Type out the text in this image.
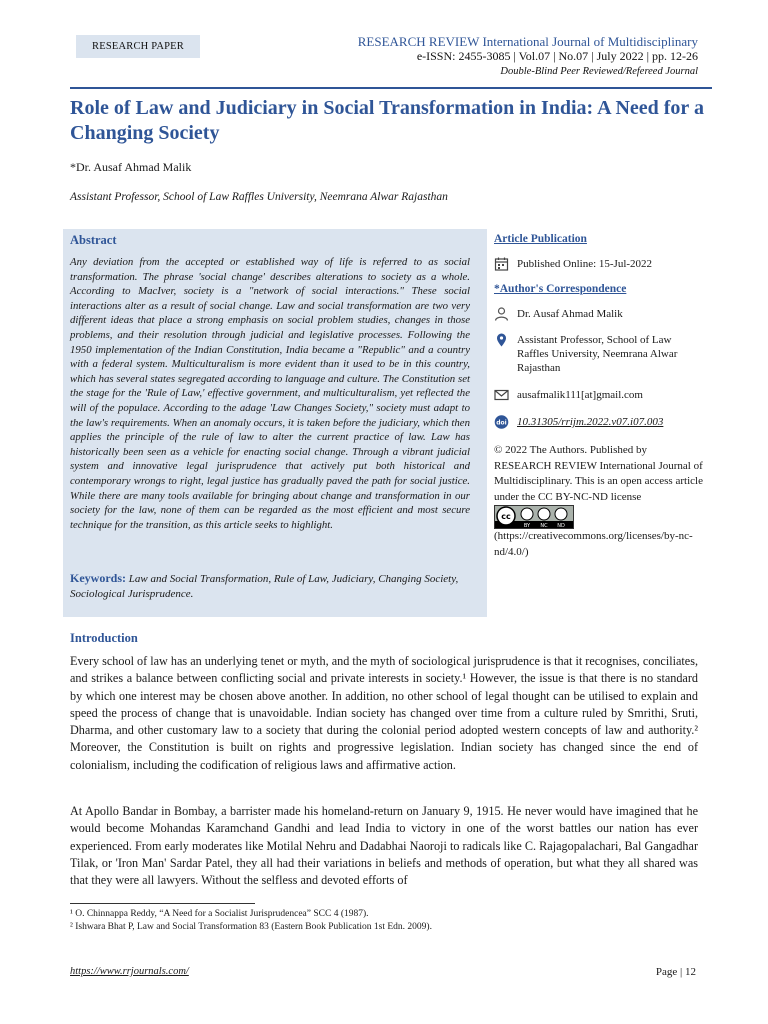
RESEARCH PAPER	RESEARCH REVIEW International Journal of Multidisciplinary
e-ISSN: 2455-3085 | Vol.07 | No.07 | July 2022 | pp. 12-26
Double-Blind Peer Reviewed/Refereed Journal
Role of Law and Judiciary in Social Transformation in India: A Need for a Changing Society
*Dr. Ausaf Ahmad Malik
Assistant Professor, School of Law Raffles University, Neemrana Alwar Rajasthan
Abstract
Any deviation from the accepted or established way of life is referred to as social transformation. The phrase 'social change' describes alterations to society as a whole. According to MacIver, society is a "network of social interactions." These social interactions alter as a result of social change. Law and social transformation are two very different ideas that place a strong emphasis on social problem studies, changes in those problems, and their resolution through judicial and legislative processes. Following the 1950 implementation of the Indian Constitution, India became a "Republic" and a country with a federal system. Multiculturalism is more evident than it used to be in this country, which has several states segregated according to language and culture. The Constitution set the stage for the 'Rule of Law,' effective government, and multiculturalism, yet reflected the will of the populace. According to the adage 'Law Changes Society," society must adapt to the law's requirements. When an anomaly occurs, it is taken before the judiciary, which then applies the principle of the rule of law to alter the current practice of law. Law has historically been seen as a vehicle for enacting social change. Through a vibrant judicial system and innovative legal jurisprudence that actively put both historical and contemporary wrongs to right, legal justice has gradually paved the path for social justice. While there are many tools available for bringing about change and transformation in our society for the law, none of them can be regarded as the most efficient and most secure technique for the transition, as this article seeks to highlight.
Keywords: Law and Social Transformation, Rule of Law, Judiciary, Changing Society, Sociological Jurisprudence.
Article Publication
Published Online: 15-Jul-2022
*Author's Correspondence
Dr. Ausaf Ahmad Malik
Assistant Professor, School of Law Raffles University, Neemrana Alwar Rajasthan
ausafmalik111[at]gmail.com
doi 10.31305/rrijm.2022.v07.i07.003
© 2022 The Authors. Published by RESEARCH REVIEW International Journal of Multidisciplinary. This is an open access article under the CC BY-NC-ND license
cc
BY NC ND
(https://creativecommons.org/licenses/by-nc-nd/4.0/)
Introduction
Every school of law has an underlying tenet or myth, and the myth of sociological jurisprudence is that it recognises, conciliates, and strikes a balance between conflicting social and private interests in society.¹ However, the issue is that there is no standard by which one interest may be chosen above another. In addition, no other school of legal thought can be utilised to explain and speed the process of change that is unavoidable. Indian society has changed over time from a culture ruled by Smrithi, Sruti, Dharma, and other customary law to a society that during the colonial period adopted western concepts of law and authority.² Moreover, the Constitution is built on rights and progressive legislation. Indian society has changed since the end of colonialism, including the codification of religious laws and affirmative action.
At Apollo Bandar in Bombay, a barrister made his homeland-return on January 9, 1915. He never would have imagined that he would become Mohandas Karamchand Gandhi and lead India to victory in one of the worst battles our nation has ever experienced. From early moderates like Motilal Nehru and Dadabhai Naoroji to radicals like C. Rajagopalachari, Bal Gangadhar Tilak, or 'Iron Man' Sardar Patel, they all had their variations in beliefs and methods of operation, but what they all shared was that they were all lawyers. Without the selfless and devoted efforts of
¹ O. Chinnappa Reddy, “A Need for a Socialist Jurisprudencea” SCC 4 (1987).
² Ishwara Bhat P, Law and Social Transformation 83 (Eastern Book Publication 1st Edn. 2009).
https://www.rrjournals.com/	Page | 12
